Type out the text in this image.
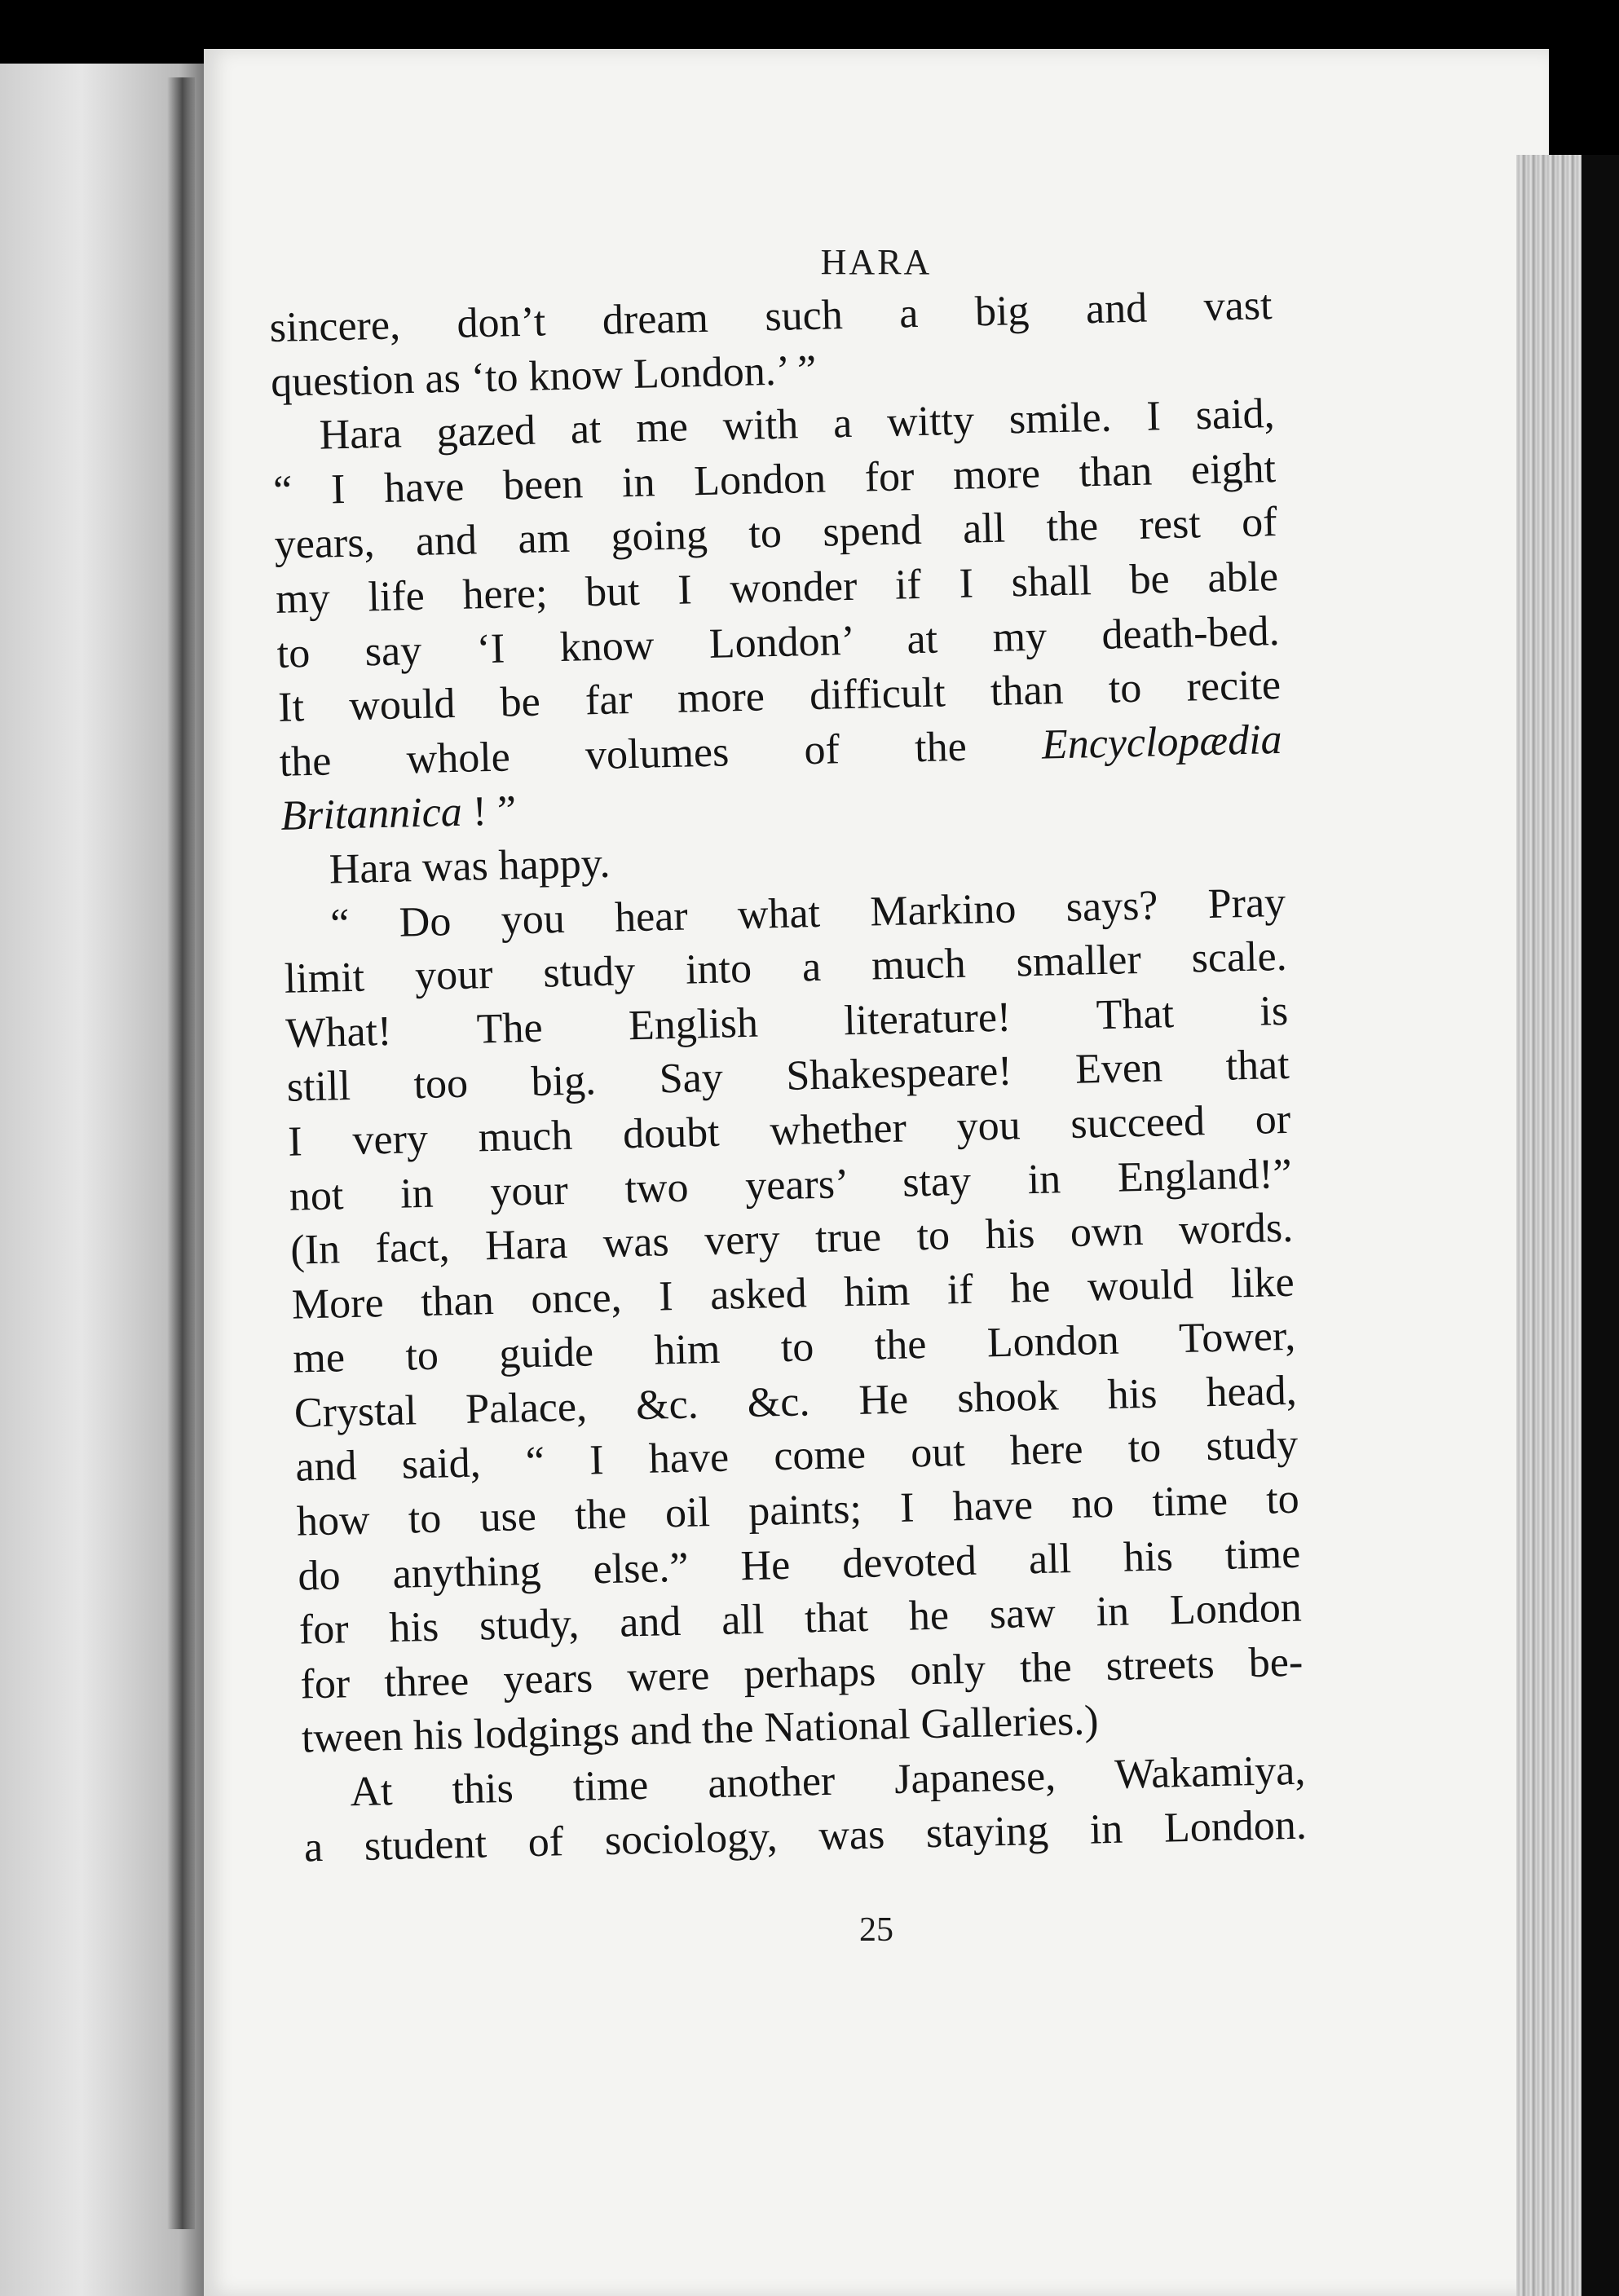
HARA
sincere, don’t dream such a big and vast
question as ‘to know London.’ ”
Hara gazed at me with a witty smile. I said,
“ I have been in London for more than eight
years, and am going to spend all the rest of
my life here; but I wonder if I shall be able
to say ‘I know London’ at my death-bed.
It would be far more difficult than to recite
the whole volumes of the Encyclopædia
Britannica ! ”
Hara was happy.
“ Do you hear what Markino says? Pray
limit your study into a much smaller scale.
What! The English literature! That is
still too big. Say Shakespeare! Even that
I very much doubt whether you succeed or
not in your two years’ stay in England!”
(In fact, Hara was very true to his own words.
More than once, I asked him if he would like
me to guide him to the London Tower,
Crystal Palace, &c. &c. He shook his head,
and said, “ I have come out here to study
how to use the oil paints; I have no time to
do anything else.” He devoted all his time
for his study, and all that he saw in London
for three years were perhaps only the streets be-
tween his lodgings and the National Galleries.)
At this time another Japanese, Wakamiya,
a student of sociology, was staying in London.
25
